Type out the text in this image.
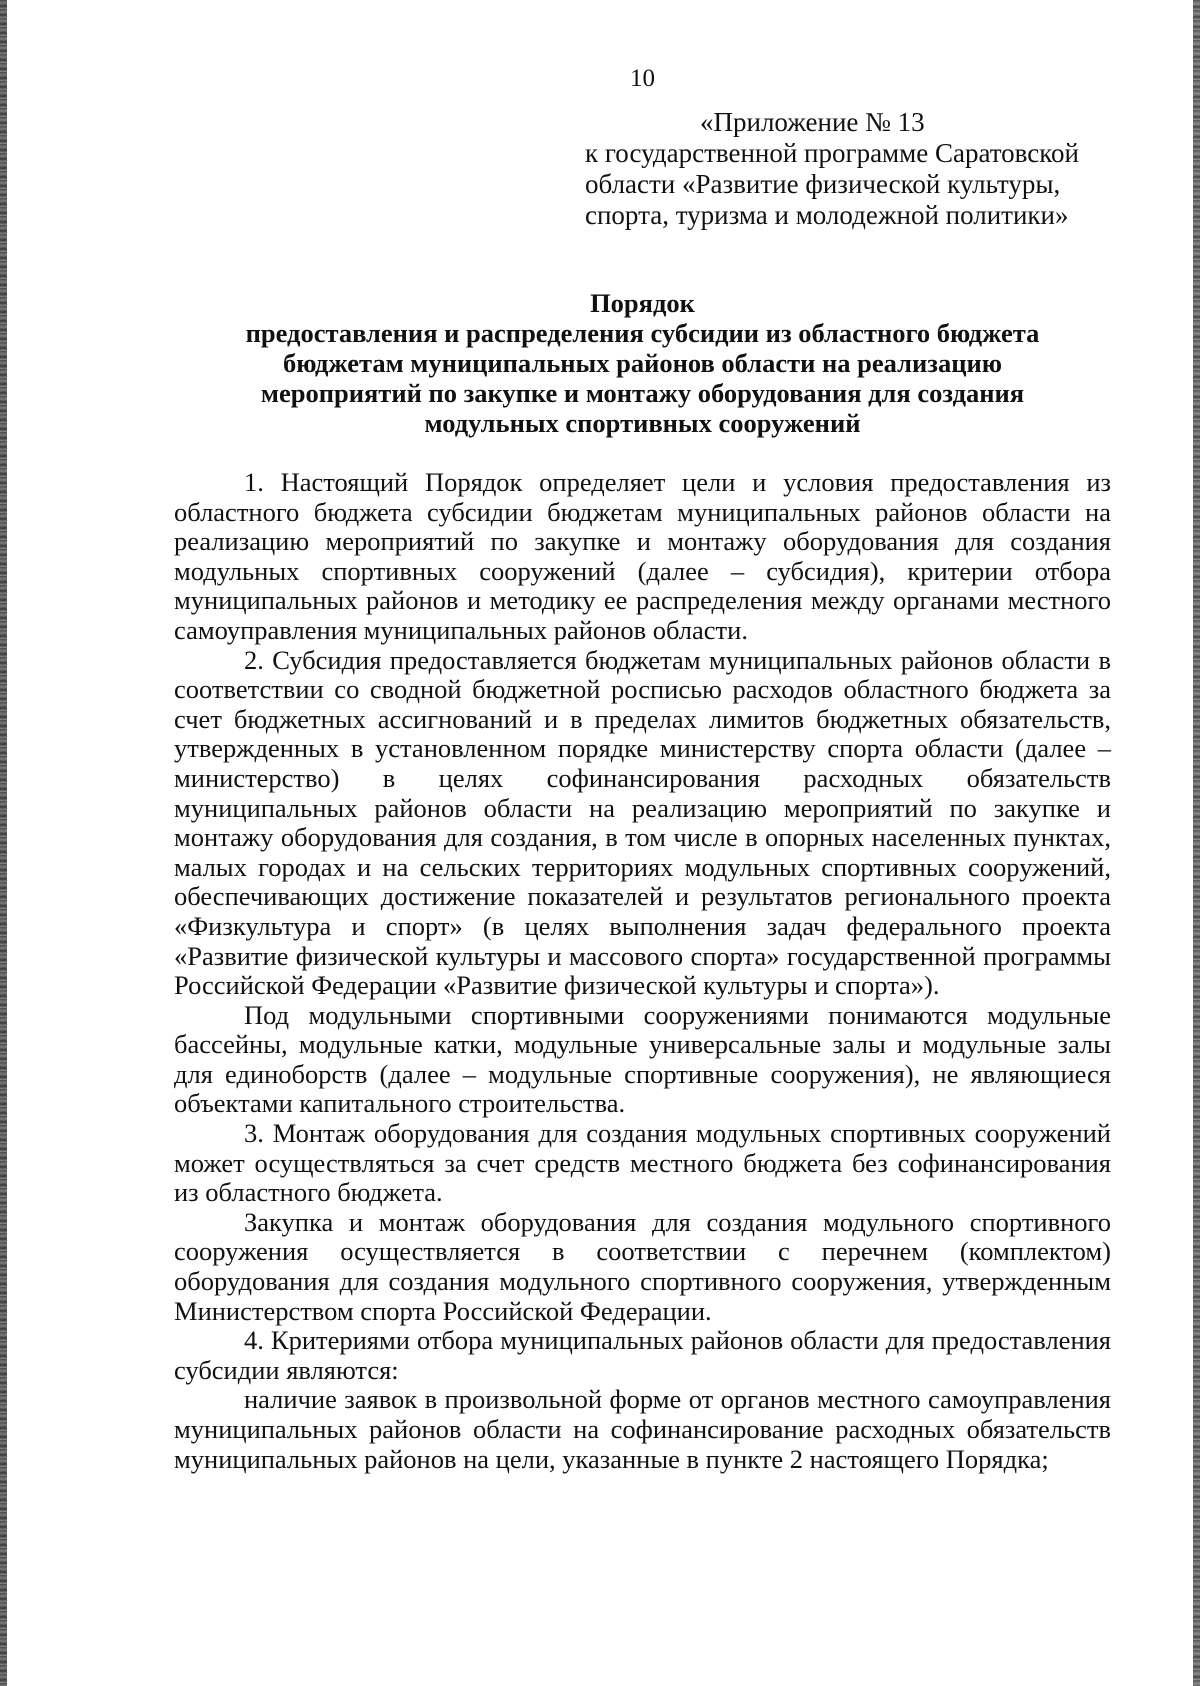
10
«Приложение № 13
к государственной программе Саратовской
области «Развитие физической культуры,
спорта, туризма и молодежной политики»
Порядок
предоставления и распределения субсидии из областного бюджета
бюджетам муниципальных районов области на реализацию
мероприятий по закупке и монтажу оборудования для создания
модульных спортивных сооружений

1. Настоящий Порядок определяет цели и условия предоставления из областного бюджета субсидии бюджетам муниципальных районов области на реализацию мероприятий по закупке и монтажу оборудования для создания модульных спортивных сооружений (далее – субсидия), критерии отбора муниципальных районов и методику ее распределения между органами местного самоуправления муниципальных районов области.

2. Субсидия предоставляется бюджетам муниципальных районов области в соответствии со сводной бюджетной росписью расходов областного бюджета за счет бюджетных ассигнований и в пределах лимитов бюджетных обязательств, утвержденных в установленном порядке министерству спорта области (далее – министерство) в целях софинансирования расходных обязательств муниципальных районов области на реализацию мероприятий по закупке и монтажу оборудования для создания, в том числе в опорных населенных пунктах, малых городах и на сельских территориях модульных спортивных сооружений, обеспечивающих достижение показателей и результатов регионального проекта «Физкультура и спорт» (в целях выполнения задач федерального проекта «Развитие физической культуры и массового спорта» государственной программы Российской Федерации «Развитие физической культуры и спорта»).

Под модульными спортивными сооружениями понимаются модульные бассейны, модульные катки, модульные универсальные залы и модульные залы для единоборств (далее – модульные спортивные сооружения), не являющиеся объектами капитального строительства.

3. Монтаж оборудования для создания модульных спортивных сооружений может осуществляться за счет средств местного бюджета без софинансирования из областного бюджета.

Закупка и монтаж оборудования для создания модульного спортивного сооружения осуществляется в соответствии с перечнем (комплектом) оборудования для создания модульного спортивного сооружения, утвержденным Министерством спорта Российской Федерации.

4. Критериями отбора муниципальных районов области для предоставления субсидии являются:

наличие заявок в произвольной форме от органов местного самоуправления муниципальных районов области на софинансирование расходных обязательств муниципальных районов на цели, указанные в пункте 2 настоящего Порядка;
